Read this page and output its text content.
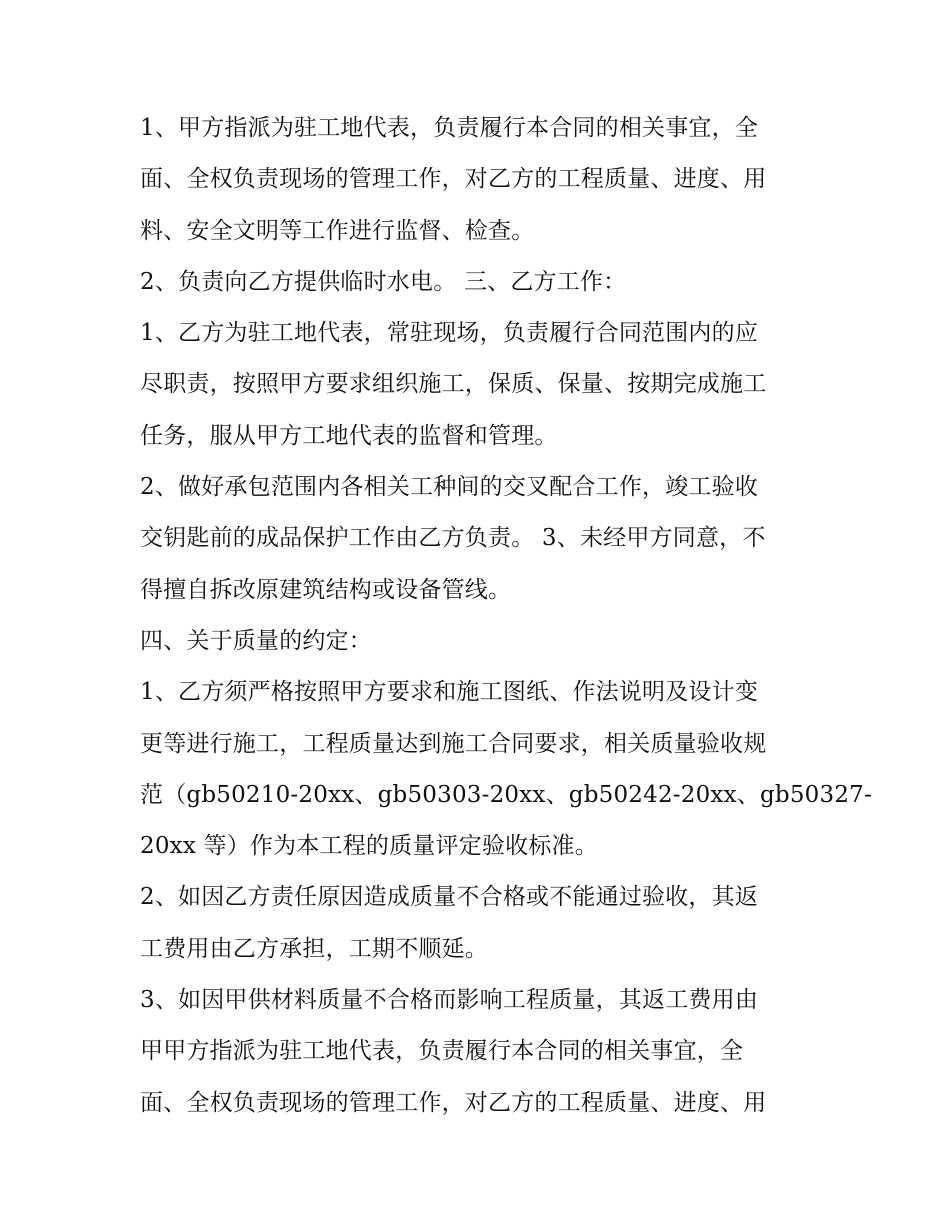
1、甲方指派为驻工地代表，负责履行本合同的相关事宜，全
面、全权负责现场的管理工作，对乙方的工程质量、进度、用
料、安全文明等工作进行监督、检查。
2、负责向乙方提供临时水电。 三、乙方工作：
1、乙方为驻工地代表，常驻现场，负责履行合同范围内的应
尽职责，按照甲方要求组织施工，保质、保量、按期完成施工
任务，服从甲方工地代表的监督和管理。
2、做好承包范围内各相关工种间的交叉配合工作，竣工验收
交钥匙前的成品保护工作由乙方负责。 3、未经甲方同意，不
得擅自拆改原建筑结构或设备管线。
四、关于质量的约定：
1、乙方须严格按照甲方要求和施工图纸、作法说明及设计变
更等进行施工，工程质量达到施工合同要求，相关质量验收规
范（gb50210-20xx、gb50303-20xx、gb50242-20xx、gb50327-
20xx 等）作为本工程的质量评定验收标准。
2、如因乙方责任原因造成质量不合格或不能通过验收，其返
工费用由乙方承担，工期不顺延。
3、如因甲供材料质量不合格而影响工程质量，其返工费用由
甲甲方指派为驻工地代表，负责履行本合同的相关事宜，全
面、全权负责现场的管理工作，对乙方的工程质量、进度、用
